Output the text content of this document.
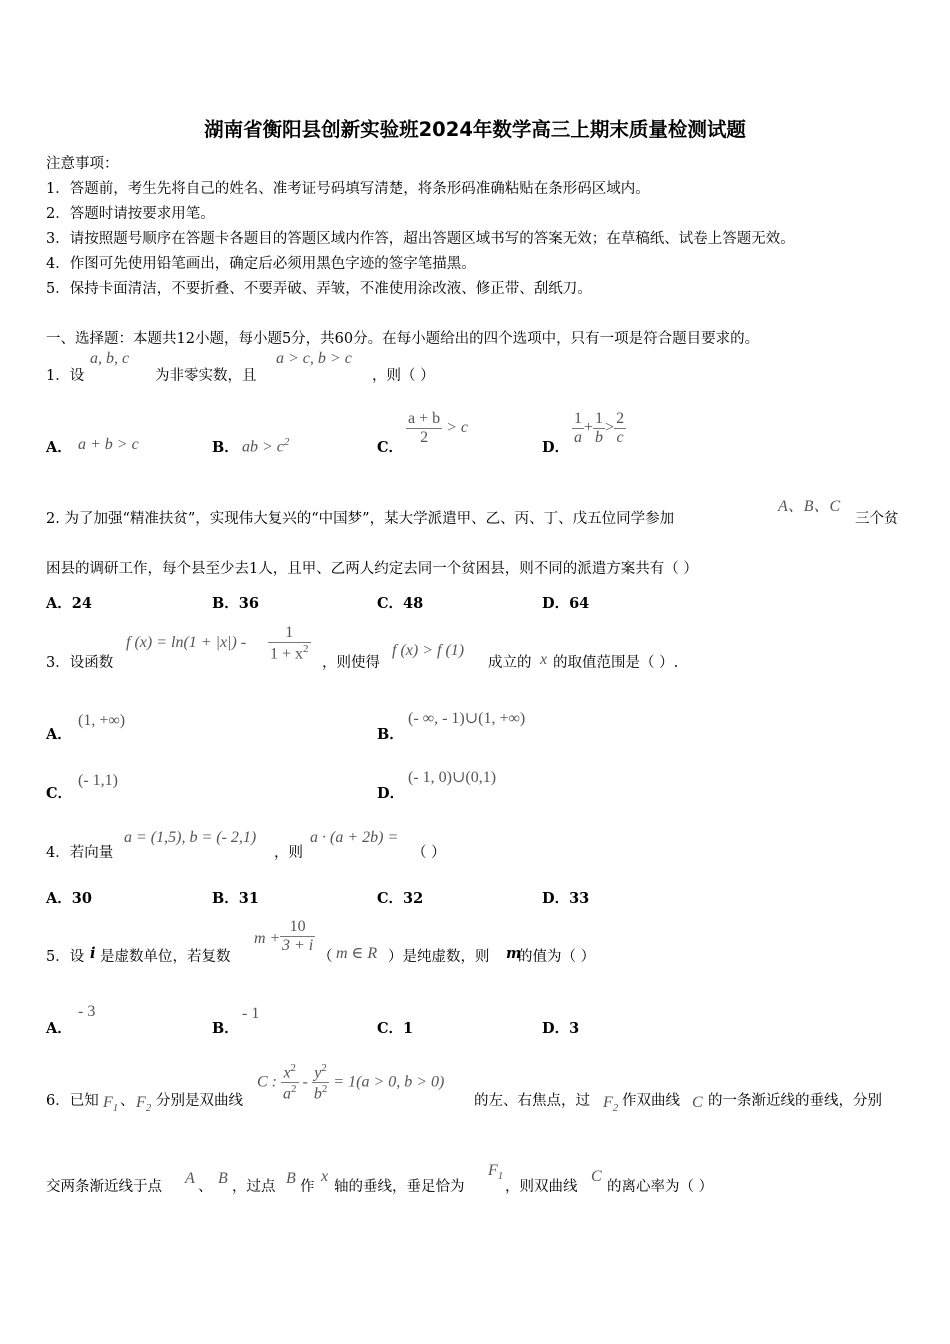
湖南省衡阳县创新实验班2024年数学高三上期末质量检测试题
注意事项：
1．答题前，考生先将自己的姓名、准考证号码填写清楚，将条形码准确粘贴在条形码区域内。
2．答题时请按要求用笔。
3．请按照题号顺序在答题卡各题目的答题区域内作答，超出答题区域书写的答案无效；在草稿纸、试卷上答题无效。
4．作图可先使用铅笔画出，确定后必须用黑色字迹的签字笔描黑。
5．保持卡面清洁，不要折叠、不要弄破、弄皱，不准使用涂改液、修正带、刮纸刀。
一、选择题：本题共12小题，每小题5分，共60分。在每小题给出的四个选项中，只有一项是符合题目要求的。
1．设
a, b, c
为非零实数，且
a > c, b > c
，则（ ）
A． a + b > c	B． ab > $c^2$	C．
$\frac{a + b}{2} > c$
D．
$\frac{1}{a} + \frac{1}{b} > \frac{2}{c}$
2. 为了加强“精准扶贫”，实现伟大复兴的“中国梦”，某大学派遣甲、乙、丙、丁、戊五位同学参加
A、B、C
三个贫
困县的调研工作，每个县至少去1人，且甲、乙两人约定去同一个贫困县，则不同的派遣方案共有（ ）
A．24	B．36	C．48	D．64
3．设函数
f $(x) = \ln(1 + |x|) - \frac{1}{1 + x^2}$ ，则使得
f (x) > f (1)
成立的 x 的取值范围是（ ）.
A．
(1, +∞)
B．
(- ∞, - 1)∪(1, +∞)
C．
(- 1,1)
D．
(- 1, 0)∪(0,1)
4．若向量
a = (1,5), b = (- 2,1)
，则
a · (a + 2b) =
（ ）
A．30	B．31	C．32	D．33
5．设 i 是虚数单位，若复数
$m + \frac{10}{3 + i}$
（ m ∈ R ）是纯虚数，则 m
的值为（ ）
A．
- 3
B．
- 1
C．1	D．3
6．已知 $F_1$ 、 $F_2$ 分别是双曲线
C : $\frac{x^2}{a^2} - \frac{y^2}{b^2} = 1(a > 0$, b > 0)
的左、右焦点，过 $F_2$ 作双曲线 C 的一条渐近线的垂线，分别
交两条渐近线于点 A 、 B ，过点 B 作
x
轴的垂线，垂足恰为
$F_1$
，则双曲线
C
的离心率为（ ）
